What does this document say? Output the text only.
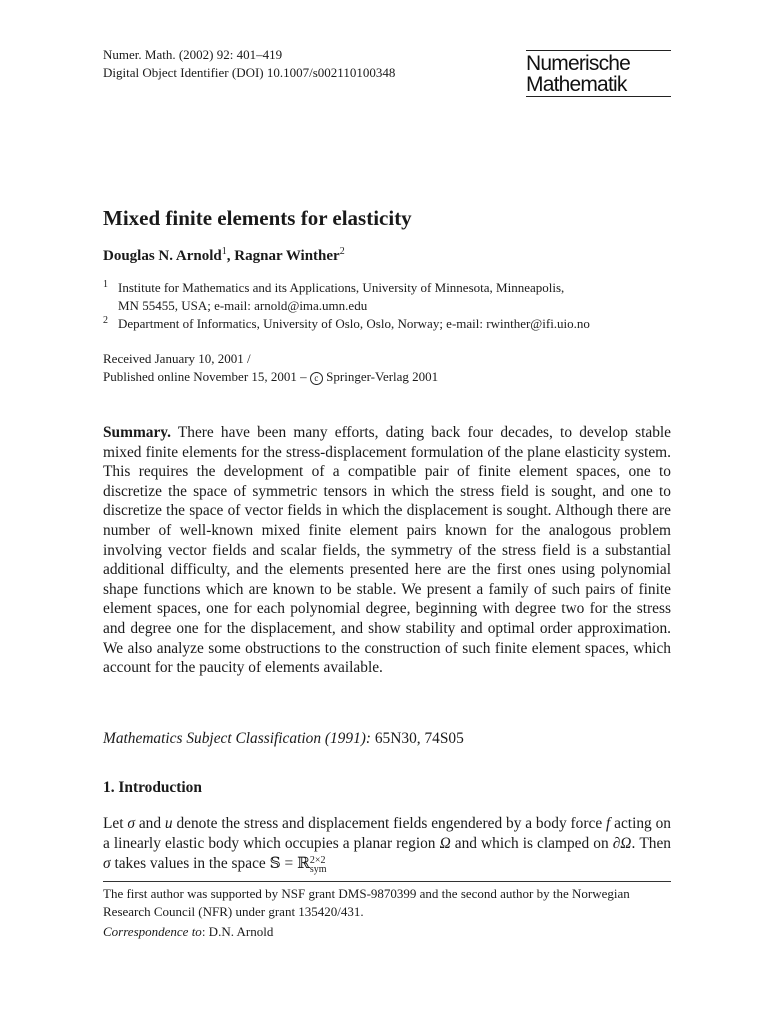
Numer. Math. (2002) 92: 401–419
Digital Object Identifier (DOI) 10.1007/s002110100348	Numerische
Mathematik
Mixed finite elements for elasticity
Douglas N. Arnold$^1$, Ragnar Winther$^2$
1 Institute for Mathematics and its Applications, University of Minnesota, Minneapolis,
MN 55455, USA; e-mail: arnold@ima.umn.edu
2 Department of Informatics, University of Oslo, Oslo, Norway; e-mail: rwinther@ifi.uio.no
Received January 10, 2001 /
Published online November 15, 2001 – c Springer-Verlag 2001
Summary. There have been many efforts, dating back four decades, to develop stable mixed finite elements for the stress-displacement formulation of the plane elasticity system. This requires the development of a compatible pair of finite element spaces, one to discretize the space of symmetric tensors in which the stress field is sought, and one to discretize the space of vector fields in which the displacement is sought. Although there are number of well-known mixed finite element pairs known for the analogous problem involving vector fields and scalar fields, the symmetry of the stress field is a substantial additional difficulty, and the elements presented here are the first ones using polynomial shape functions which are known to be stable. We present a family of such pairs of finite element spaces, one for each polynomial degree, beginning with degree two for the stress and degree one for the displacement, and show stability and optimal order approximation. We also analyze some obstructions to the construction of such finite element spaces, which account for the paucity of elements available.
Mathematics Subject Classification (1991): 65N30, 74S05
1. Introduction
Let σ and u denote the stress and displacement fields engendered by a body force f acting on a linearly elastic body which occupies a planar region Ω and which is clamped on ∂Ω. Then σ takes values in the space 𝕊 = ℝ 2×2
sym
The first author was supported by NSF grant DMS-9870399 and the second author by the Norwegian Research Council (NFR) under grant 135420/431.
Correspondence to: D.N. Arnold
